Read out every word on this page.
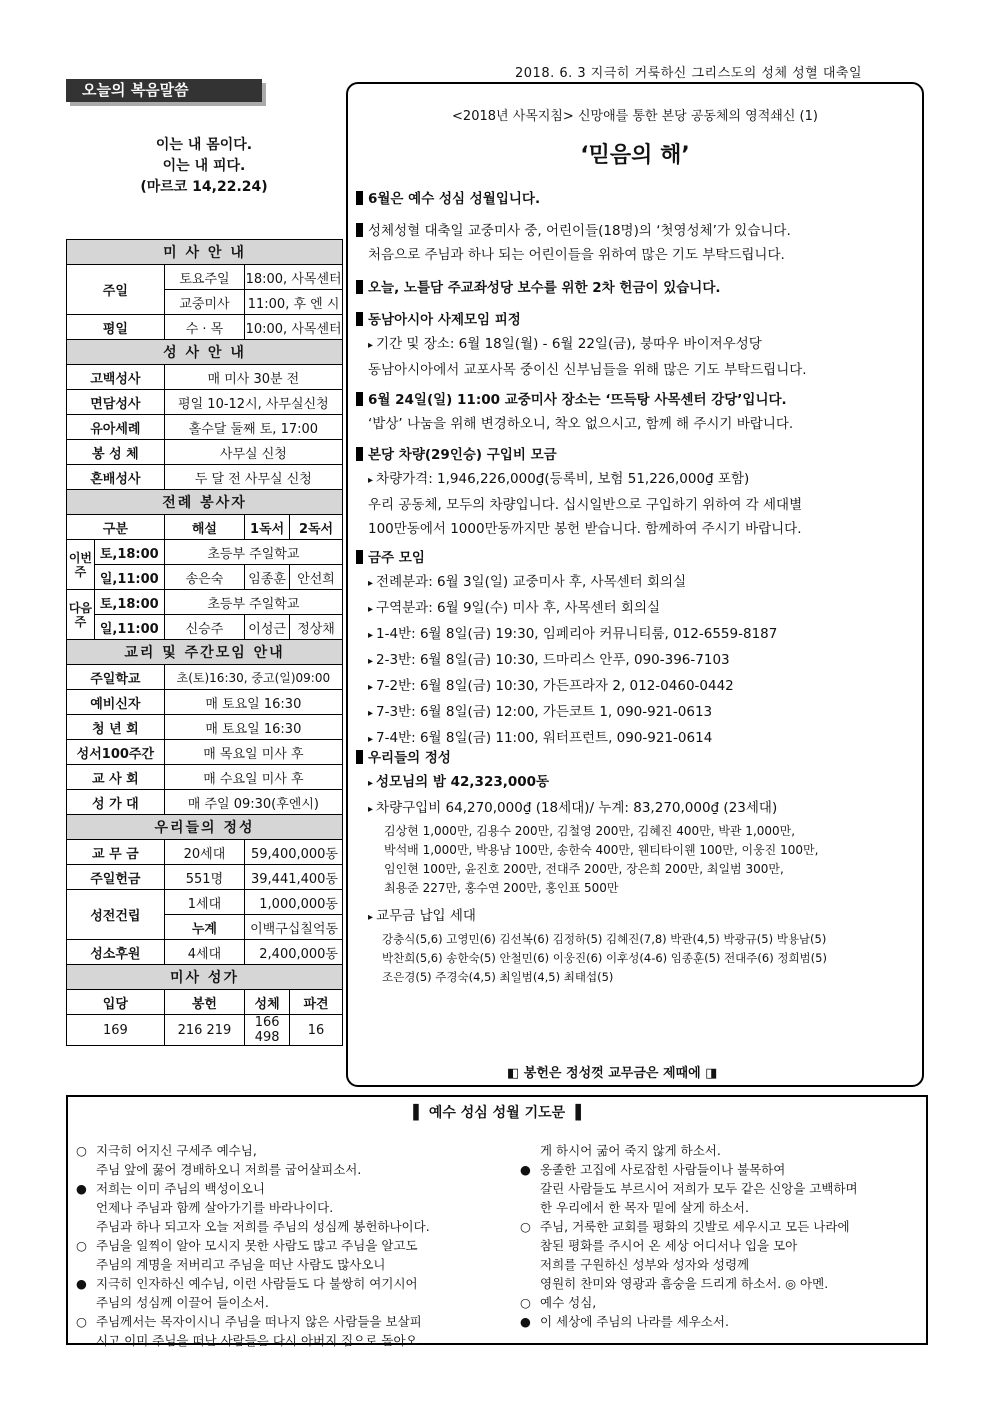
2018. 6. 3 지극히 거룩하신 그리스도의 성체 성혈 대축일
오늘의 복음말씀
이는 내 몸이다.
이는 내 피다.
(마르코 14,22.24)
미 사 안 내				
주일		토요주일	18:00, 사목센터	
		교중미사	11:00, 후 엔 시	
평일		수 · 목	10:00, 사목센터	
성 사 안 내				
고백성사		매 미사 30분 전		
면담성사		평일 10-12시, 사무실신청		
유아세례		홀수달 둘째 토, 17:00		
봉 성 체		사무실 신청		
혼배성사		두 달 전 사무실 신청		
전례 봉사자				
구분		해설	1독서	2독서
이번주	토,18:00	초등부 주일학교		
	일,11:00	송은숙	임종훈	안선희
다음주	토,18:00	초등부 주일학교		
	일,11:00	신승주	이성근	정상채
교리 및 주간모임 안내				
주일학교		초(토)16:30, 중고(일)09:00		
예비신자		매 토요일 16:30		
청 년 회		매 토요일 16:30		
성서100주간		매 목요일 미사 후		
교 사 회		매 수요일 미사 후		
성 가 대		매 주일 09:30(후엔시)		
우리들의 정성				
교 무 금		20세대	59,400,000동	
주일헌금		551명	39,441,400동	
성전건립		1세대	1,000,000동	
		누계	이백구십칠억동	
성소후원		4세대	2,400,000동	
미사 성가				
입당		봉헌	성체	파견
169		216 219	166 498	16
<2018년 사목지침> 신망애를 통한 본당 공동체의 영적쇄신 (1)
‘믿음의 해’
6월은 예수 성심 성월입니다.
성체성혈 대축일 교중미사 중, 어린이들(18명)의 ‘첫영성체’가 있습니다.
처음으로 주님과 하나 되는 어린이들을 위하여 많은 기도 부탁드립니다.
오늘, 노틀담 주교좌성당 보수를 위한 2차 헌금이 있습니다.
동남아시아 사제모임 피정
▸ 기간 및 장소: 6월 18일(월) - 6월 22일(금), 붕따우 바이저우성당
동남아시아에서 교포사목 중이신 신부님들을 위해 많은 기도 부탁드립니다.
6월 24일(일) 11:00 교중미사 장소는 ‘뜨득탕 사목센터 강당’입니다.
‘밥상’ 나눔을 위해 변경하오니, 착오 없으시고, 함께 해 주시기 바랍니다.
본당 차량(29인승) 구입비 모금
▸ 차량가격: 1,946,226,000₫(등록비, 보험 51,226,000₫ 포함)
우리 공동체, 모두의 차량입니다. 십시일반으로 구입하기 위하여 각 세대별
100만동에서 1000만동까지만 봉헌 받습니다. 함께하여 주시기 바랍니다.
금주 모임
▸ 전례분과: 6월 3일(일) 교중미사 후, 사목센터 회의실
▸ 구역분과: 6월 9일(수) 미사 후, 사목센터 회의실
▸ 1-4반: 6월 8일(금) 19:30, 임페리아 커뮤니티룸, 012-6559-8187
▸ 2-3반: 6월 8일(금) 10:30, 드마리스 안푸, 090-396-7103
▸ 7-2반: 6월 8일(금) 10:30, 가든프라자 2, 012-0460-0442
▸ 7-3반: 6월 8일(금) 12:00, 가든코트 1, 090-921-0613
▸ 7-4반: 6월 8일(금) 11:00, 워터프런트, 090-921-0614
우리들의 정성
▸ 성모님의 밤 42,323,000동
▸ 차량구입비 64,270,000₫ (18세대)/ 누계: 83,270,000₫ (23세대)
김상현 1,000만, 김용수 200만, 김철영 200만, 김혜진 400만, 박관 1,000만,
박석배 1,000만, 박용남 100만, 송한숙 400만, 웬티타이웬 100만, 이웅진 100만,
임인현 100만, 윤진호 200만, 전대주 200만, 장은희 200만, 최일범 300만,
최용준 227만, 홍수연 200만, 홍인표 500만
▸ 교무금 납입 세대
강충식(5,6) 고영민(6) 김선복(6) 김정하(5) 김혜진(7,8) 박관(4,5) 박광규(5) 박용남(5)
박찬희(5,6) 송한숙(5) 안철민(6) 이웅진(6) 이후성(4-6) 임종훈(5) 전대주(6) 정희범(5)
조은경(5) 주경숙(4,5) 최일범(4,5) 최태섭(5)
◧ 봉헌은 정성껏 교무금은 제때에 ◨
▌ 예수 성심 성월 기도문 ▐
○ 지극히 어지신 구세주 예수님,
주님 앞에 꿇어 경배하오니 저희를 굽어살피소서.
● 저희는 이미 주님의 백성이오니
언제나 주님과 함께 살아가기를 바라나이다.
주님과 하나 되고자 오늘 저희를 주님의 성심께 봉헌하나이다.
○ 주님을 일찍이 알아 모시지 못한 사람도 많고 주님을 알고도
주님의 계명을 저버리고 주님을 떠난 사람도 많사오니
● 지극히 인자하신 예수님, 이런 사람들도 다 불쌍히 여기시어
주님의 성심께 이끌어 들이소서.
○ 주님께서는 목자이시니 주님을 떠나지 않은 사람들을 보살피
시고 이미 주님을 떠난 사람들은 다시 아버지 집으로 돌아오
게 하시어 굶어 죽지 않게 하소서.
● 옹졸한 고집에 사로잡힌 사람들이나 불목하여
갈린 사람들도 부르시어 저희가 모두 같은 신앙을 고백하며
한 우리에서 한 목자 밑에 살게 하소서.
○ 주님, 거룩한 교회를 평화의 깃발로 세우시고 모든 나라에
참된 평화를 주시어 온 세상 어디서나 입을 모아
저희를 구원하신 성부와 성자와 성령께
영원히 찬미와 영광과 흠숭을 드리게 하소서. ◎ 아멘.
○ 예수 성심,
● 이 세상에 주님의 나라를 세우소서.
